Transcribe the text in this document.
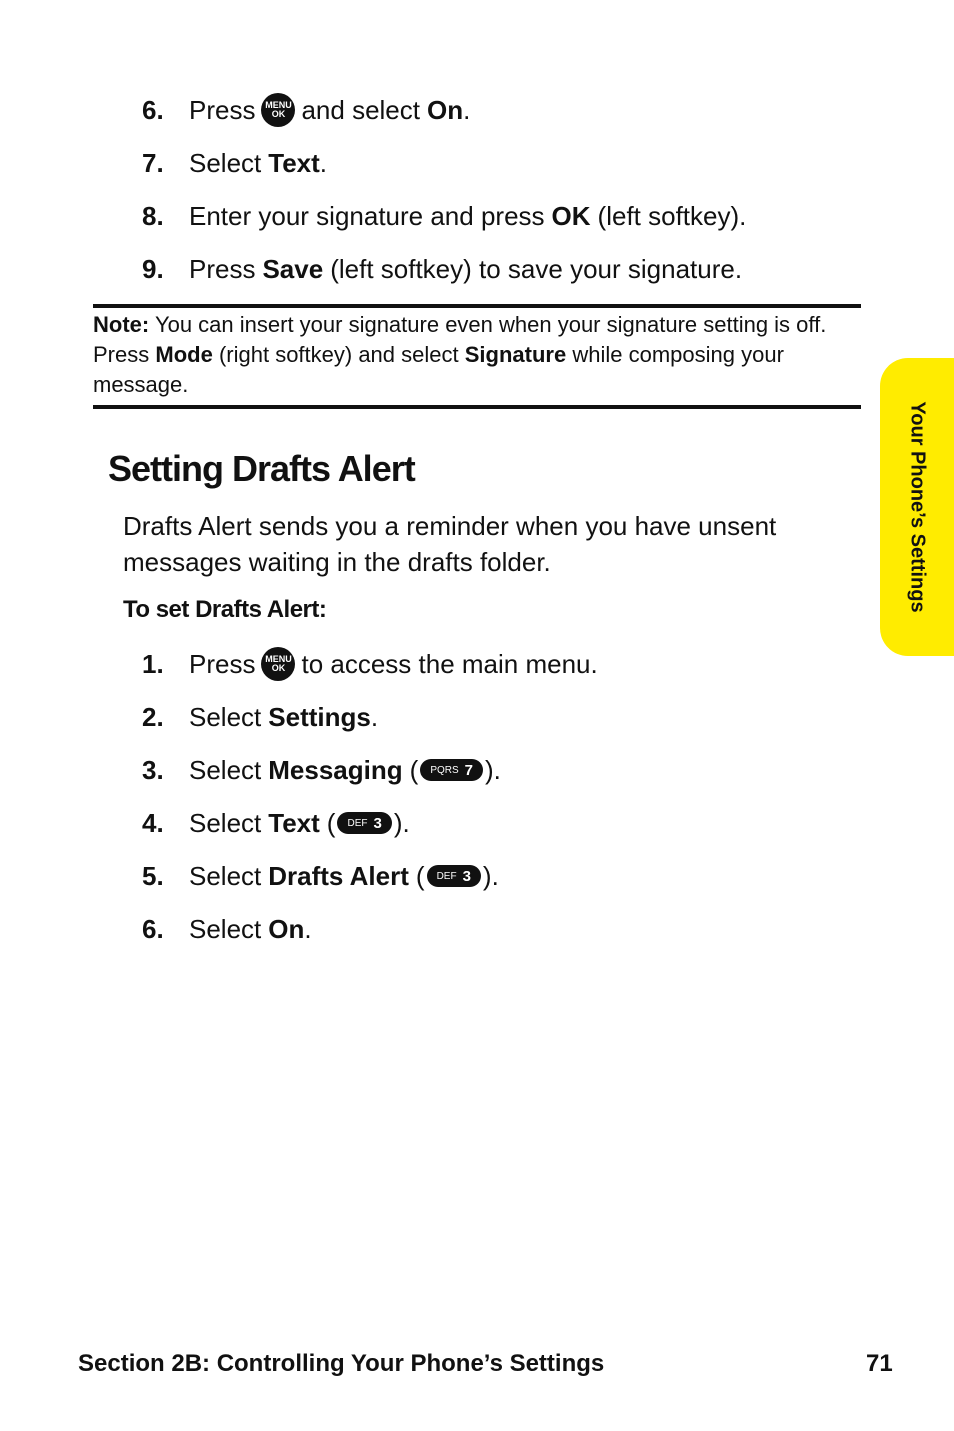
6. Press MENU
OK and select On .
7. Select Text .
8. Enter your signature and press OK (left softkey).
9. Press Save (left softkey) to save your signature.
Note: You can insert your signature even when your signature setting is off. Press Mode (right softkey) and select Signature while composing your message.
Setting Drafts Alert

Drafts Alert sends you a reminder when you have unsent messages waiting in the drafts folder.

To set Drafts Alert:
1. Press MENU
OK to access the main menu.
2. Select Settings .
3. Select Messaging ( PQRS 7 ).
4. Select Text ( DEF 3 ).
5. Select Drafts Alert ( DEF 3 ).
6. Select On .
Your Phone’s Settings
Section 2B: Controlling Your Phone’s Settings	71
